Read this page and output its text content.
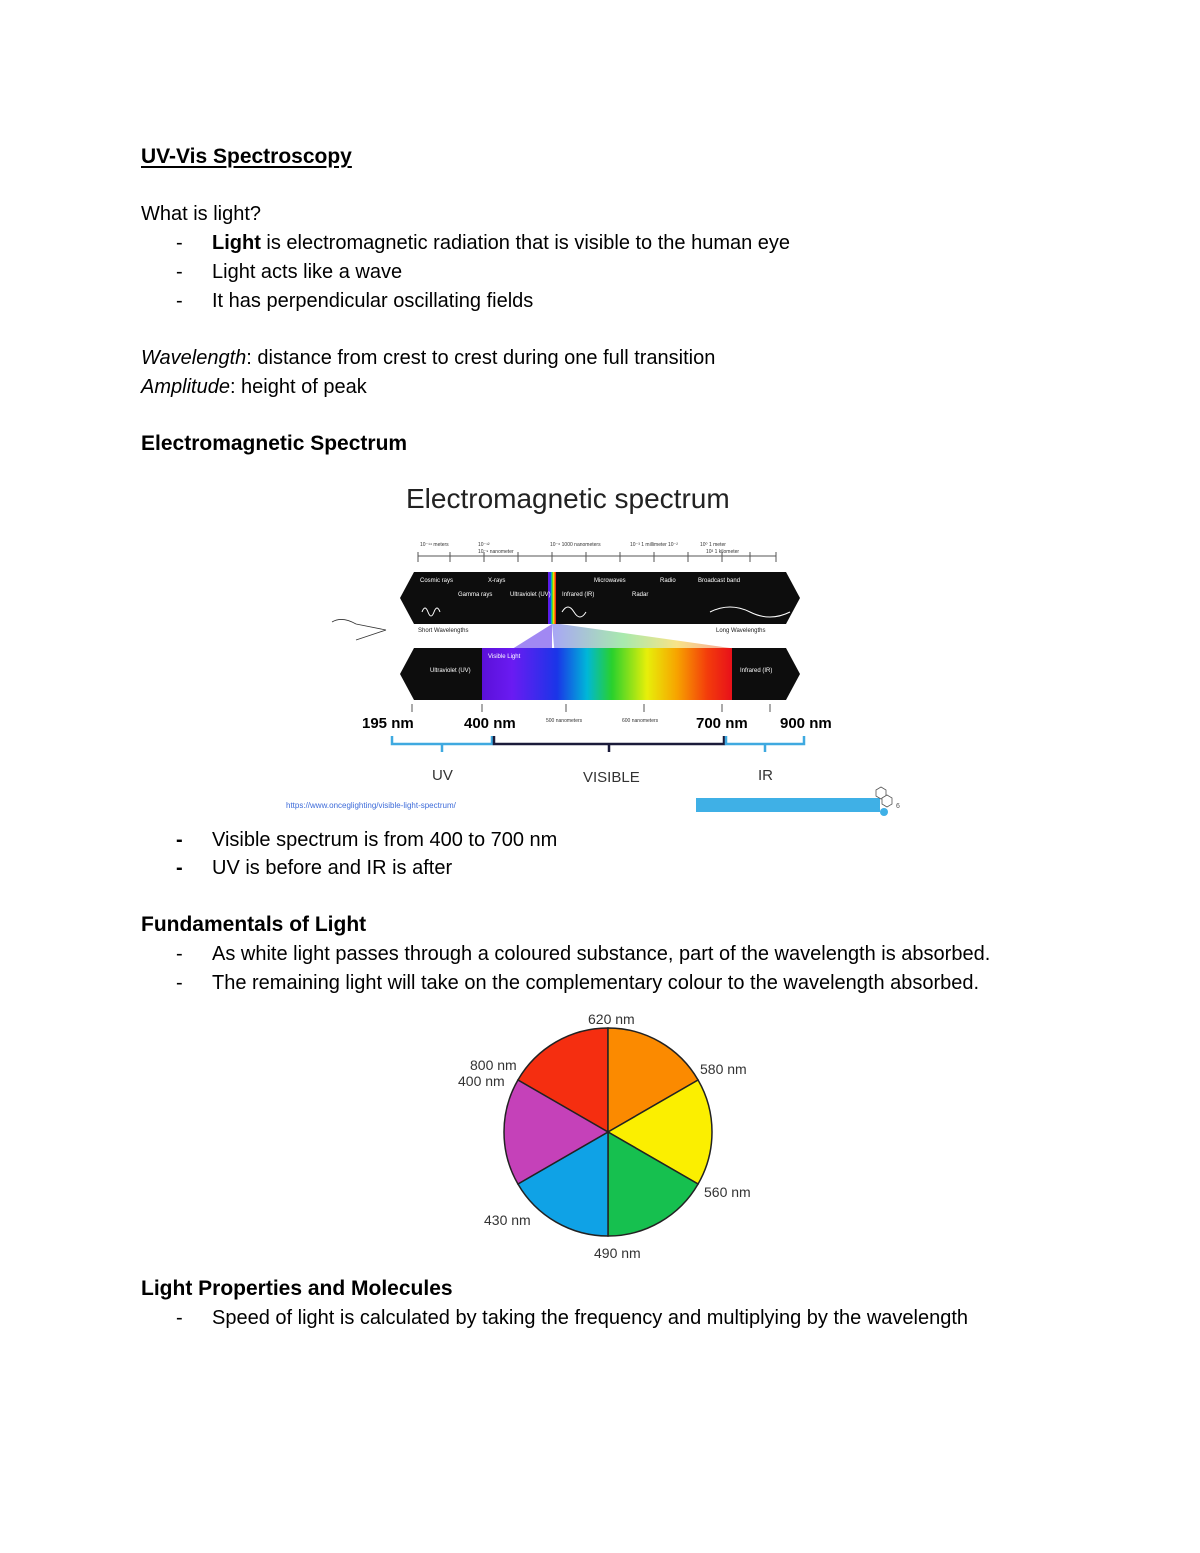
UV-Vis Spectroscopy
What is light?
-	Light is electromagnetic radiation that is visible to the human eye
-	Light acts like a wave
-	It has perpendicular oscillating fields
Wavelength: distance from crest to crest during one full transition
Amplitude: height of peak
Electromagnetic Spectrum
Electromagnetic spectrum
10⁻¹⁴ meters	10⁻¹²
10⁻⁹ nanometer
10⁻⁶ 1000 nanometers	10⁻³ 1 millimeter 10⁻²	10⁰ 1 meter
10³ 1 kilometer
Cosmic rays
Gamma rays
X-rays
Ultraviolet (UV) Infrared (IR)
Microwaves
Radar
Radio	Broadcast band
Short Wavelengths	Long Wavelengths
Ultraviolet (UV)
Visible Light
Infrared (IR)
195 nm	400 nm	700 nm 900 nm
500 nanometers	600 nanometers
UV	VISIBLE	IR
https://www.onceglighting/visible-light-spectrum/	6
-	Visible spectrum is from 400 to 700 nm
-	UV is before and IR is after
Fundamentals of Light
-	As white light passes through a coloured substance, part of the wavelength is absorbed.
-	The remaining light will take on the complementary colour to the wavelength absorbed.
620 nm
580 nm
560 nm
490 nm
430 nm
400 nm
800 nm
Light Properties and Molecules
-	Speed of light is calculated by taking the frequency and multiplying by the wavelength
